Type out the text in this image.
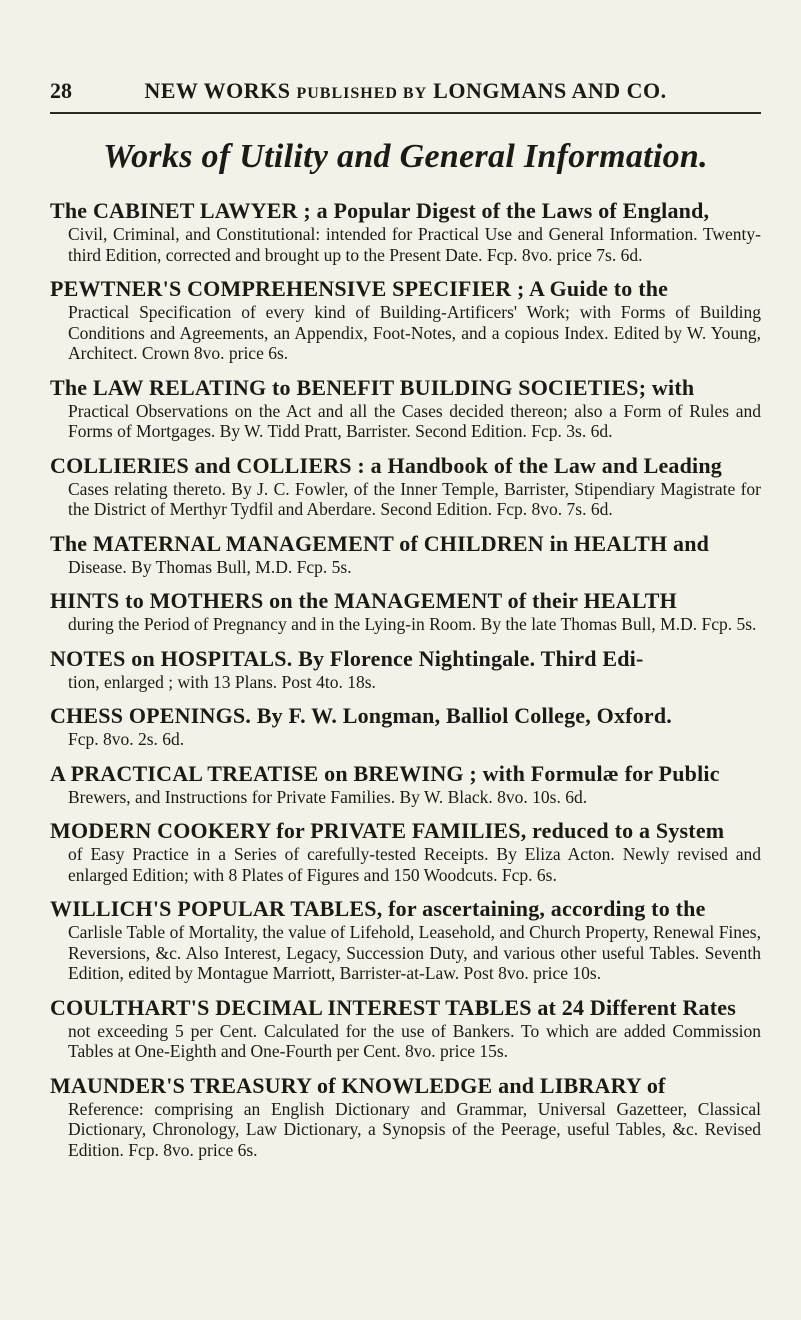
28	NEW WORKS PUBLISHED BY LONGMANS AND CO.
Works of Utility and General Information.
The CABINET LAWYER ; a Popular Digest of the Laws of England,
Civil, Criminal, and Constitutional: intended for Practical Use and General Information. Twenty-third Edition, corrected and brought up to the Present Date. Fcp. 8vo. price 7s. 6d.
PEWTNER'S COMPREHENSIVE SPECIFIER ; A Guide to the
Practical Specification of every kind of Building-Artificers' Work; with Forms of Building Conditions and Agreements, an Appendix, Foot-Notes, and a copious Index. Edited by W. Young, Architect. Crown 8vo. price 6s.
The LAW RELATING to BENEFIT BUILDING SOCIETIES; with
Practical Observations on the Act and all the Cases decided thereon; also a Form of Rules and Forms of Mortgages. By W. Tidd Pratt, Barrister. Second Edition. Fcp. 3s. 6d.
COLLIERIES and COLLIERS : a Handbook of the Law and Leading
Cases relating thereto. By J. C. Fowler, of the Inner Temple, Barrister, Stipendiary Magistrate for the District of Merthyr Tydfil and Aberdare. Second Edition. Fcp. 8vo. 7s. 6d.
The MATERNAL MANAGEMENT of CHILDREN in HEALTH and
Disease. By Thomas Bull, M.D. Fcp. 5s.
HINTS to MOTHERS on the MANAGEMENT of their HEALTH
during the Period of Pregnancy and in the Lying-in Room. By the late Thomas Bull, M.D. Fcp. 5s.
NOTES on HOSPITALS. By Florence Nightingale. Third Edi-
tion, enlarged ; with 13 Plans. Post 4to. 18s.
CHESS OPENINGS. By F. W. Longman, Balliol College, Oxford.
Fcp. 8vo. 2s. 6d.
A PRACTICAL TREATISE on BREWING ; with Formulæ for Public
Brewers, and Instructions for Private Families. By W. Black. 8vo. 10s. 6d.
MODERN COOKERY for PRIVATE FAMILIES, reduced to a System
of Easy Practice in a Series of carefully-tested Receipts. By Eliza Acton. Newly revised and enlarged Edition; with 8 Plates of Figures and 150 Woodcuts. Fcp. 6s.
WILLICH'S POPULAR TABLES, for ascertaining, according to the
Carlisle Table of Mortality, the value of Lifehold, Leasehold, and Church Property, Renewal Fines, Reversions, &c. Also Interest, Legacy, Succession Duty, and various other useful Tables. Seventh Edition, edited by Montague Marriott, Barrister-at-Law. Post 8vo. price 10s.
COULTHART'S DECIMAL INTEREST TABLES at 24 Different Rates
not exceeding 5 per Cent. Calculated for the use of Bankers. To which are added Commission Tables at One-Eighth and One-Fourth per Cent. 8vo. price 15s.
MAUNDER'S TREASURY of KNOWLEDGE and LIBRARY of
Reference: comprising an English Dictionary and Grammar, Universal Gazetteer, Classical Dictionary, Chronology, Law Dictionary, a Synopsis of the Peerage, useful Tables, &c. Revised Edition. Fcp. 8vo. price 6s.
